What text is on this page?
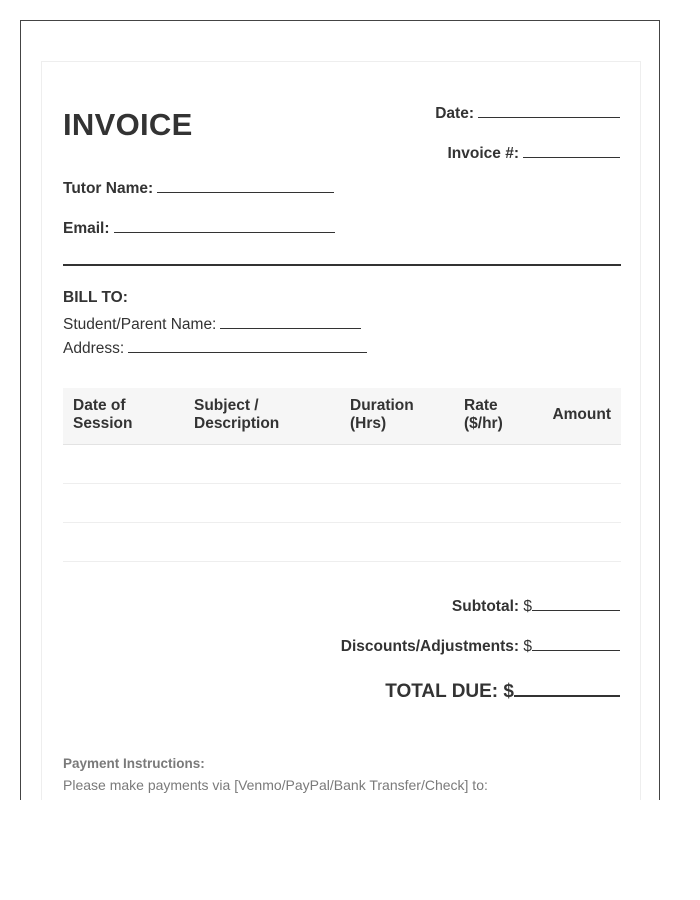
INVOICE	Date:
Invoice #:
Tutor Name:
Email:
BILL TO:
Student/Parent Name:
Address:
Date of
Session
Subject /
Description
Duration
(Hrs)
Rate
($/hr)
Amount
Subtotal: $
Discounts/Adjustments: $
TOTAL DUE: $
Payment Instructions:
Please make payments via [Venmo/PayPal/Bank Transfer/Check] to:
